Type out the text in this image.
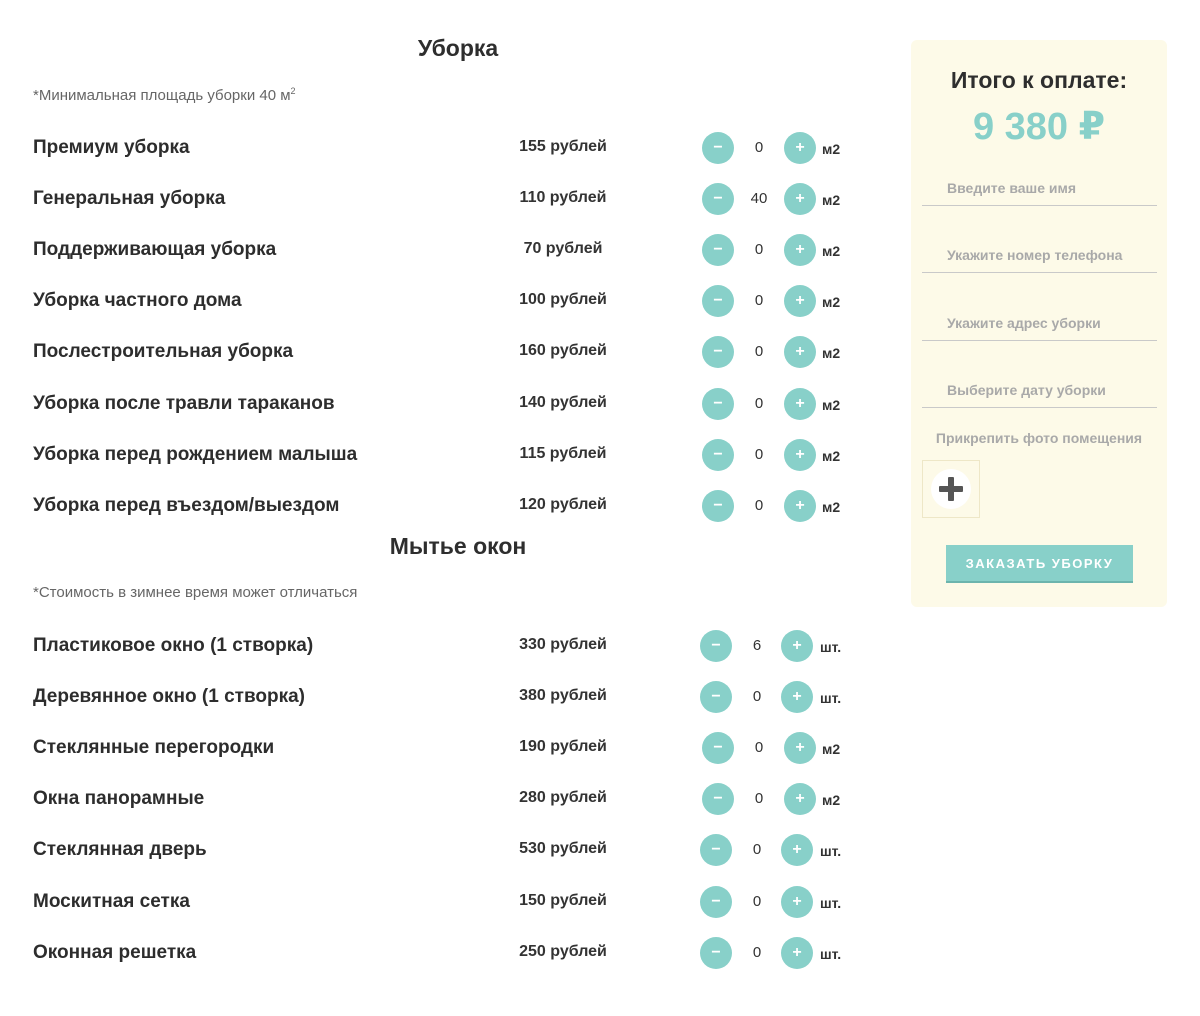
Уборка
*Минимальная площадь уборки 40 $м^2$
Премиум уборка	155 рублей	−	0	+ м2
Генеральная уборка	110 рублей	−	40	+ м2
Поддерживающая уборка	70 рублей	−	0	+ м2
Уборка частного дома	100 рублей	−	0	+ м2
Послестроительная уборка	160 рублей	−	0	+ м2
Уборка после травли тараканов	140 рублей	−	0	+ м2
Уборка перед рождением малыша	115 рублей	−	0	+ м2
Уборка перед въездом/выездом	120 рублей	−	0	+ м2
Мытье окон
*Стоимость в зимнее время может отличаться
Пластиковое окно (1 створка)	330 рублей	−	6	+ шт.
Деревянное окно (1 створка)	380 рублей	−	0	+ шт.
Стеклянные перегородки	190 рублей	−	0	+ м2
Окна панорамные	280 рублей	−	0	+ м2
Стеклянная дверь	530 рублей	−	0	+ шт.
Москитная сетка	150 рублей	−	0	+ шт.
Оконная решетка	250 рублей	−	0	+ шт.
Итого к оплате:
9 380 ₽
Введите ваше имя
Укажите номер телефона
Укажите адрес уборки
Выберите дату уборки
Прикрепить фото помещения
ЗАКАЗАТЬ УБОРКУ
